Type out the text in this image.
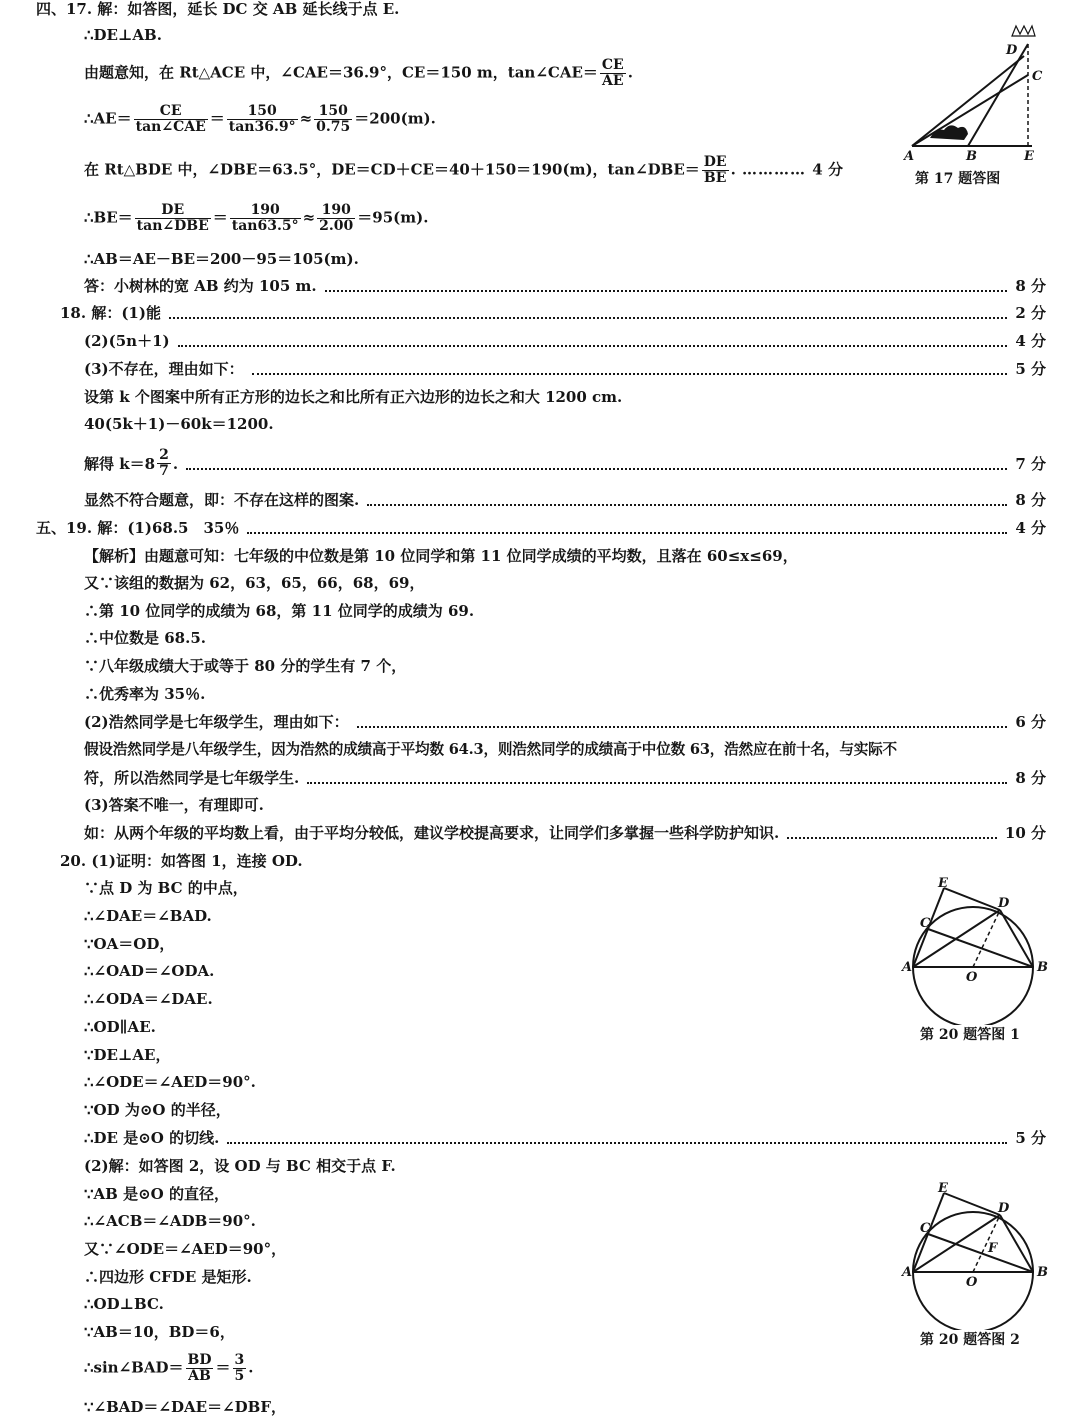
四、17. 解：如答图，延长 DC 交 AB 延长线于点 E.
∴DE⊥AB.
由题意知，在 Rt△ACE 中，∠CAE＝36.9°，CE＝150 m，tan∠CAE＝ $\frac{CE}{AE}$ .
∴AE＝ $\frac{CE}{\text{tan∠CAE}} = \frac{150}{\tan 36.9^\circ} \approx \frac{150}{0.75} =200(m)$.
在 Rt△BDE 中，∠DBE＝63.5°，DE＝CD＋CE＝40＋150＝190(m)，tan∠DBE＝ $\frac{DE}{BE}$ . ………… 4 分
∴BE＝ $\frac{DE}{\text{tan∠DBE}} = \frac{190}{\tan 63.5^\circ} \approx \frac{190}{2.00} =95(m)$.
∴AB＝AE－BE＝200－95＝105(m).
答：小树林的宽 AB 约为 105 m.	8 分
D
C
A	B	E
第 17 题答图
18. 解：(1)能	2 分
(2)(5n＋1)	4 分
(3)不存在，理由如下：	5 分
设第 k 个图案中所有正方形的边长之和比所有正六边形的边长之和大 1200 cm.
40(5k＋1)－60k＝1200.
解得 $k=8 \frac{2}{7}$ .	7 分
显然不符合题意，即：不存在这样的图案.	8 分
五、19. 解：(1)68.5　35％	4 分
【解析】由题意可知：七年级的中位数是第 10 位同学和第 11 位同学成绩的平均数，且落在 60≤x≤69，
又∵该组的数据为 62，63，65，66，68，69，
∴第 10 位同学的成绩为 68，第 11 位同学的成绩为 69.
∴中位数是 68.5.
∵八年级成绩大于或等于 80 分的学生有 7 个，
∴优秀率为 35％.
(2)浩然同学是七年级学生，理由如下：	6 分
假设浩然同学是八年级学生，因为浩然的成绩高于平均数 64.3，则浩然同学的成绩高于中位数 63，浩然应在前十名，与实际不
符，所以浩然同学是七年级学生.	8 分
(3)答案不唯一，有理即可.
如：从两个年级的平均数上看，由于平均分较低，建议学校提高要求，让同学们多掌握一些科学防护知识.	10 分
20. (1)证明：如答图 1，连接 OD.
∵点 D 为 BC 的中点，
∴∠DAE＝∠BAD.
∵OA＝OD，
∴∠OAD＝∠ODA.
∴∠ODA＝∠DAE.
∴OD∥AE.
∵DE⊥AE，
∴∠ODE＝∠AED＝90°.
∵OD 为⊙O 的半径，
∴DE 是⊙O 的切线.	5 分
(2)解：如答图 2，设 OD 与 BC 相交于点 F.
∵AB 是⊙O 的直径，
∴∠ACB＝∠ADB＝90°.
又∵∠ODE＝∠AED＝90°，
∴四边形 CFDE 是矩形.
∴OD⊥BC.
∵AB＝10，BD＝6，
∴sin∠BAD＝ $\frac{BD}{AB} = \frac{3}{5}$ .
∵∠BAD＝∠DAE＝∠DBF，
E
C
D
A	B
O
第 20 题答图 1
E
C
D
F
A	B
O
第 20 题答图 2
